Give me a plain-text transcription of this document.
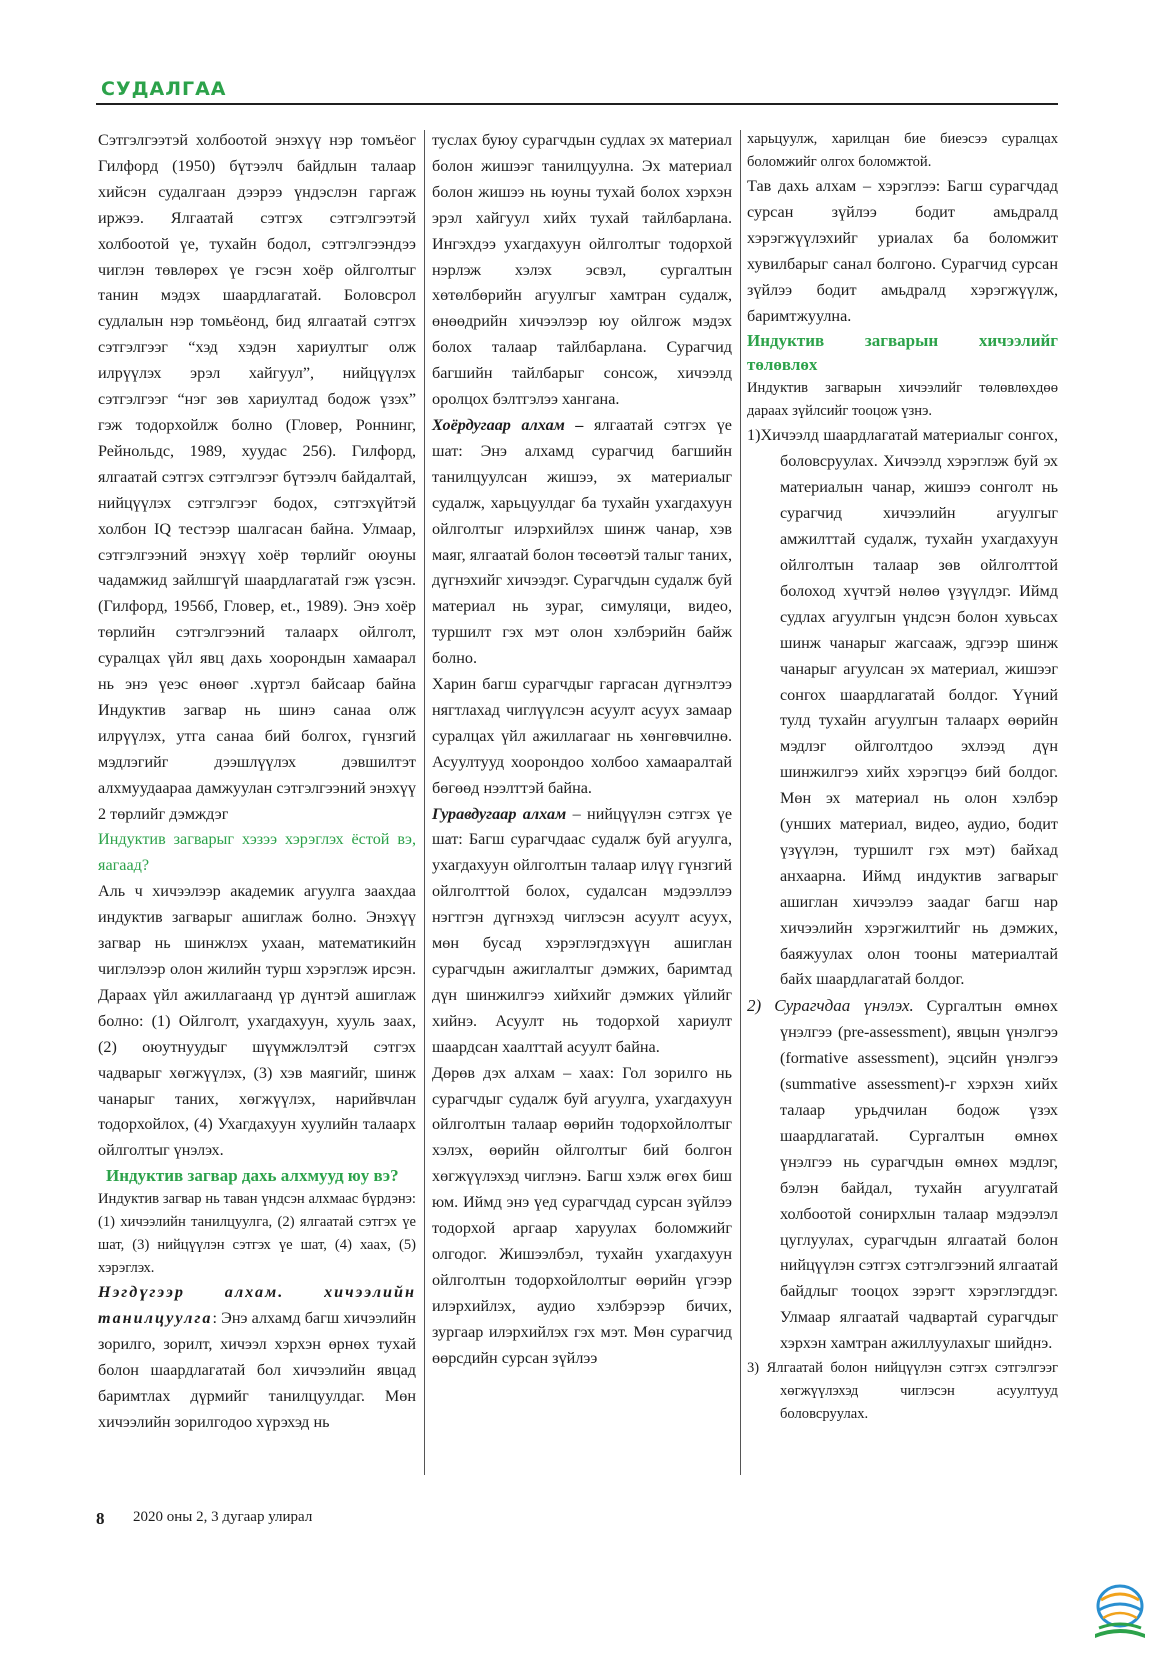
СУДАЛГАА

Сэтгэлгээтэй холбоотой энэхүү нэр томъёог Гилфорд (1950) бүтээлч байдлын талаар хийсэн судалгаан дээрээ үндэслэн гаргаж иржээ. Ялгаатай сэтгэх сэтгэлгээтэй холбоотой үе, тухайн бодол, сэтгэлгээндээ чиглэн төвлөрөх үе гэсэн хоёр ойлголтыг танин мэдэх шаардлагатай. Боловсрол судлалын нэр томьёонд, бид ялгаатай сэтгэх сэтгэлгээг “хэд хэдэн хариултыг олж илрүүлэх эрэл хайгуул”, нийцүүлэх сэтгэлгээг “нэг зөв хариултад бодож үзэх” гэж тодорхойлж болно (Гловер, Роннинг, Рейнольдс, 1989, хуудас 256). Гилфорд, ялгаатай сэтгэх сэтгэлгээг бүтээлч байдалтай, нийцүүлэх сэтгэлгээг бодох, сэтгэхүйтэй холбон IQ тестээр шалгасан байна. Улмаар, сэтгэлгээний энэхүү хоёр төрлийг оюуны чадамжид зайлшгүй шаардлагатай гэж үзсэн.(Гилфорд, 1956б, Гловер, et., 1989). Энэ хоёр төрлийн сэтгэлгээний талаарх ойлголт, суралцах үйл явц дахь хоорондын хамаарал нь энэ үеэс өнөөг .хүртэл байсаар байна Индуктив загвар нь шинэ санаа олж илрүүлэх, утга санаа бий болгох, гүнзгий мэдлэгийг дээшлүүлэх дэвшилтэт алхмуудаараа дамжуулан сэтгэлгээний энэхүү 2 төрлийг дэмждэг

Индуктив загварыг хэзээ хэрэглэх ёстой вэ, яагаад?

Аль ч хичээлээр академик агуулга заахдаа индуктив загварыг ашиглаж болно. Энэхүү загвар нь шинжлэх ухаан, математикийн чиглэлээр олон жилийн турш хэрэглэж ирсэн. Дараах үйл ажиллагаанд үр дүнтэй ашиглаж болно: (1) Ойлголт, ухагдахуун, хууль заах, (2) оюутнуудыг шүүмжлэлтэй сэтгэх чадварыг хөгжүүлэх, (3) хэв маягийг, шинж чанарыг таних, хөгжүүлэх, нарийвчлан тодорхойлох, (4) Ухагдахуун хуулийн талаарх ойлголтыг үнэлэх.

Индуктив загвар дахь алхмууд юу вэ?

Индуктив загвар нь таван үндсэн алхмаас бүрдэнэ: (1) хичээлийн танилцуулга, (2) ялгаатай сэтгэх үе шат, (3) нийцүүлэн сэтгэх үе шат, (4) хаах, (5) хэрэглэх.

Нэгдүгээр алхам. хичээлийн танилцуулга: Энэ алхамд багш хичээлийн зорилго, зорилт, хичээл хэрхэн өрнөх тухай болон шаардлагатай бол хичээлийн явцад баримтлах дүрмийг танилцуулдаг. Мөн хичээлийн зорилгодоо хүрэхэд нь

туслах буюу сурагчдын судлах эх материал болон жишээг танилцуулна. Эх материал болон жишээ нь юуны тухай болох хэрхэн эрэл хайгуул хийх тухай тайлбарлана. Ингэхдээ ухагдахуун ойлголтыг тодорхой нэрлэж хэлэх эсвэл, сургалтын хөтөлбөрийн агуулгыг хамтран судалж, өнөөдрийн хичээлээр юу ойлгож мэдэх болох талаар тайлбарлана. Сурагчид багшийн тайлбарыг сонсож, хичээлд оролцох бэлтгэлээ хангана.

Хоёрдугаар алхам – ялгаатай сэтгэх үе шат: Энэ алхамд сурагчид багшийн танилцуулсан жишээ, эх материалыг судалж, харьцуулдаг ба тухайн ухагдахуун ойлголтыг илэрхийлэх шинж чанар, хэв маяг, ялгаатай болон төсөөтэй талыг таних, дүгнэхийг хичээдэг. Сурагчдын судалж буй материал нь зураг, симуляци, видео, туршилт гэх мэт олон хэлбэрийн байж болно.

Харин багш сурагчдыг гаргасан дүгнэлтээ нягтлахад чиглүүлсэн асуулт асуух замаар суралцах үйл ажиллагааг нь хөнгөвчилнө. Асуултууд хоорондоо холбоо хамааралтай бөгөөд нээлттэй байна.

Гуравдугаар алхам – нийцүүлэн сэтгэх үе шат: Багш сурагчдаас судалж буй агуулга, ухагдахуун ойлголтын талаар илүү гүнзгий ойлголттой болох, судалсан мэдээллээ нэгтгэн дүгнэхэд чиглэсэн асуулт асуух, мөн бусад хэрэглэгдэхүүн ашиглан сурагчдын ажиглалтыг дэмжих, баримтад дүн шинжилгээ хийхийг дэмжих үйлийг хийнэ. Асуулт нь тодорхой хариулт шаардсан хаалттай асуулт байна.

Дөрөв дэх алхам – хаах: Гол зорилго нь сурагчдыг судалж буй агуулга, ухагдахуун ойлголтын талаар өөрийн тодорхойлолтыг хэлэх, өөрийн ойлголтыг бий болгон хөгжүүлэхэд чиглэнэ. Багш хэлж өгөх биш юм. Иймд энэ үед сурагчдад сурсан зүйлээ тодорхой аргаар харуулах боломжийг олгодог. Жишээлбэл, тухайн ухагдахуун ойлголтын тодорхойлолтыг өөрийн үгээр илэрхийлэх, аудио хэлбэрээр бичих, зургаар илэрхийлэх гэх мэт. Мөн сурагчид өөрсдийн сурсан зүйлээ

харьцуулж, харилцан бие биеэсээ суралцах боломжийг олгох боломжтой.

Тав дахь алхам – хэрэглээ: Багш сурагчдад сурсан зүйлээ бодит амьдралд хэрэгжүүлэхийг уриалах ба боломжит хувилбарыг санал болгоно. Сурагчид сурсан зүйлээ бодит амьдралд хэрэгжүүлж, баримтжуулна.

Индуктив загварын хичээлийг төлөвлөх

Индуктив загварын хичээлийг төлөвлөхдөө дараах зүйлсийг тооцож үзнэ.

1)Хичээлд шаардлагатай материалыг сонгох, боловсруулах. Хичээлд хэрэглэж буй эх материалын чанар, жишээ сонголт нь сурагчид хичээлийн агуулгыг амжилттай судалж, тухайн ухагдахуун ойлголтын талаар зөв ойлголттой болоход хүчтэй нөлөө үзүүлдэг. Иймд судлах агуулгын үндсэн болон хувьсах шинж чанарыг жагсааж, эдгээр шинж чанарыг агуулсан эх материал, жишээг сонгох шаардлагатай болдог. Үүний тулд тухайн агуулгын талаарх өөрийн мэдлэг ойлголтдоо эхлээд дүн шинжилгээ хийх хэрэгцээ бий болдог. Мөн эх материал нь олон хэлбэр (унших материал, видео, аудио, бодит үзүүлэн, туршилт гэх мэт) байхад анхаарна. Иймд индуктив загварыг ашиглан хичээлээ заадаг багш нар хичээлийн хэрэгжилтийг нь дэмжих, баяжуулах олон тооны материалтай байх шаардлагатай болдог.

2) Сурагчдаа үнэлэх. Сургалтын өмнөх үнэлгээ (pre-assessment), явцын үнэлгээ (formative assessment), эцсийн үнэлгээ (summative assessment)-г хэрхэн хийх талаар урьдчилан бодож үзэх шаардлагатай. Сургалтын өмнөх үнэлгээ нь сурагчдын өмнөх мэдлэг, бэлэн байдал, тухайн агуулгатай холбоотой сонирхлын талаар мэдээлэл цуглуулах, сурагчдын ялгаатай болон нийцүүлэн сэтгэх сэтгэлгээний ялгаатай байдлыг тооцох зэрэгт хэрэглэгддэг. Улмаар ялгаатай чадвартай сурагчдыг хэрхэн хамтран ажиллуулахыг шийднэ.

3) Ялгаатай болон нийцүүлэн сэтгэх сэтгэлгээг хөгжүүлэхэд чиглэсэн асуултууд боловсруулах.

8 2020 оны 2, 3 дугаар улирал
